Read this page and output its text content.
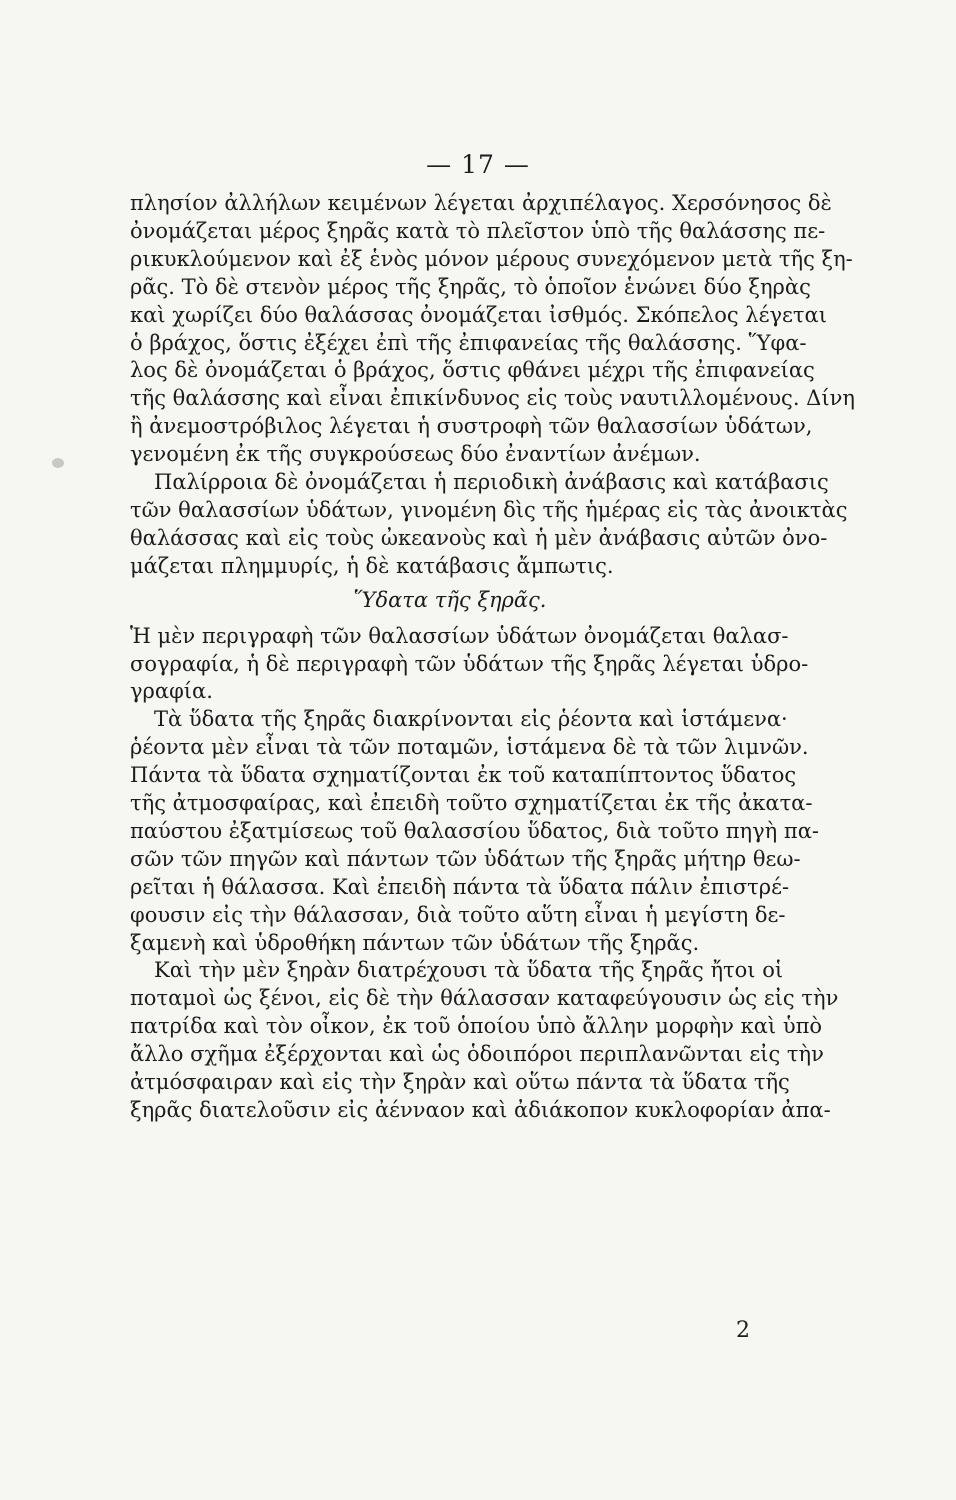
— 17 —
πλησίον ἀλλήλων κειμένων λέγεται ἀρχιπέλαγος. Χερσόνησος δὲ
ὀνομάζεται μέρος ξηρᾶς κατὰ τὸ πλεῖστον ὑπὸ τῆς θαλάσσης πε-
ρικυκλούμενον καὶ ἐξ ἑνὸς μόνον μέρους συνεχόμενον μετὰ τῆς ξη-
ρᾶς. Τὸ δὲ στενὸν μέρος τῆς ξηρᾶς, τὸ ὁποῖον ἑνώνει δύο ξηρὰς
καὶ χωρίζει δύο θαλάσσας ὀνομάζεται ἰσθμός. Σκόπελος λέγεται
ὁ βράχος, ὅστις ἐξέχει ἐπὶ τῆς ἐπιφανείας τῆς θαλάσσης. Ὕφα-
λος δὲ ὀνομάζεται ὁ βράχος, ὅστις φθάνει μέχρι τῆς ἐπιφανείας
τῆς θαλάσσης καὶ εἶναι ἐπικίνδυνος εἰς τοὺς ναυτιλλομένους. Δίνη
ἢ ἀνεμοστρόβιλος λέγεται ἡ συστροφὴ τῶν θαλασσίων ὑδάτων,
γενομένη ἐκ τῆς συγκρούσεως δύο ἐναντίων ἀνέμων.
Παλίρροια δὲ ὀνομάζεται ἡ περιοδικὴ ἀνάβασις καὶ κατάβασις
τῶν θαλασσίων ὑδάτων, γινομένη δὶς τῆς ἡμέρας εἰς τὰς ἀνοικτὰς
θαλάσσας καὶ εἰς τοὺς ὠκεανοὺς καὶ ἡ μὲν ἀνάβασις αὐτῶν ὀνο-
μάζεται πλημμυρίς, ἡ δὲ κατάβασις ἄμπωτις.
Ὕδατα τῆς ξηρᾶς.
Ἡ μὲν περιγραφὴ τῶν θαλασσίων ὑδάτων ὀνομάζεται θαλασ-
σογραφία, ἡ δὲ περιγραφὴ τῶν ὑδάτων τῆς ξηρᾶς λέγεται ὑδρο-
γραφία.
Τὰ ὕδατα τῆς ξηρᾶς διακρίνονται εἰς ῥέοντα καὶ ἱστάμενα·
ῥέοντα μὲν εἶναι τὰ τῶν ποταμῶν, ἱστάμενα δὲ τὰ τῶν λιμνῶν.
Πάντα τὰ ὕδατα σχηματίζονται ἐκ τοῦ καταπίπτοντος ὕδατος
τῆς ἀτμοσφαίρας, καὶ ἐπειδὴ τοῦτο σχηματίζεται ἐκ τῆς ἀκατα-
παύστου ἐξατμίσεως τοῦ θαλασσίου ὕδατος, διὰ τοῦτο πηγὴ πα-
σῶν τῶν πηγῶν καὶ πάντων τῶν ὑδάτων τῆς ξηρᾶς μήτηρ θεω-
ρεῖται ἡ θάλασσα. Καὶ ἐπειδὴ πάντα τὰ ὕδατα πάλιν ἐπιστρέ-
φουσιν εἰς τὴν θάλασσαν, διὰ τοῦτο αὕτη εἶναι ἡ μεγίστη δε-
ξαμενὴ καὶ ὑδροθήκη πάντων τῶν ὑδάτων τῆς ξηρᾶς.
Καὶ τὴν μὲν ξηρὰν διατρέχουσι τὰ ὕδατα τῆς ξηρᾶς ἤτοι οἱ
ποταμοὶ ὡς ξένοι, εἰς δὲ τὴν θάλασσαν καταφεύγουσιν ὡς εἰς τὴν
πατρίδα καὶ τὸν οἶκον, ἐκ τοῦ ὁποίου ὑπὸ ἄλλην μορφὴν καὶ ὑπὸ
ἄλλο σχῆμα ἐξέρχονται καὶ ὡς ὁδοιπόροι περιπλανῶνται εἰς τὴν
ἀτμόσφαιραν καὶ εἰς τὴν ξηρὰν καὶ οὕτω πάντα τὰ ὕδατα τῆς
ξηρᾶς διατελοῦσιν εἰς ἀένναον καὶ ἀδιάκοπον κυκλοφορίαν ἀπα-
2
